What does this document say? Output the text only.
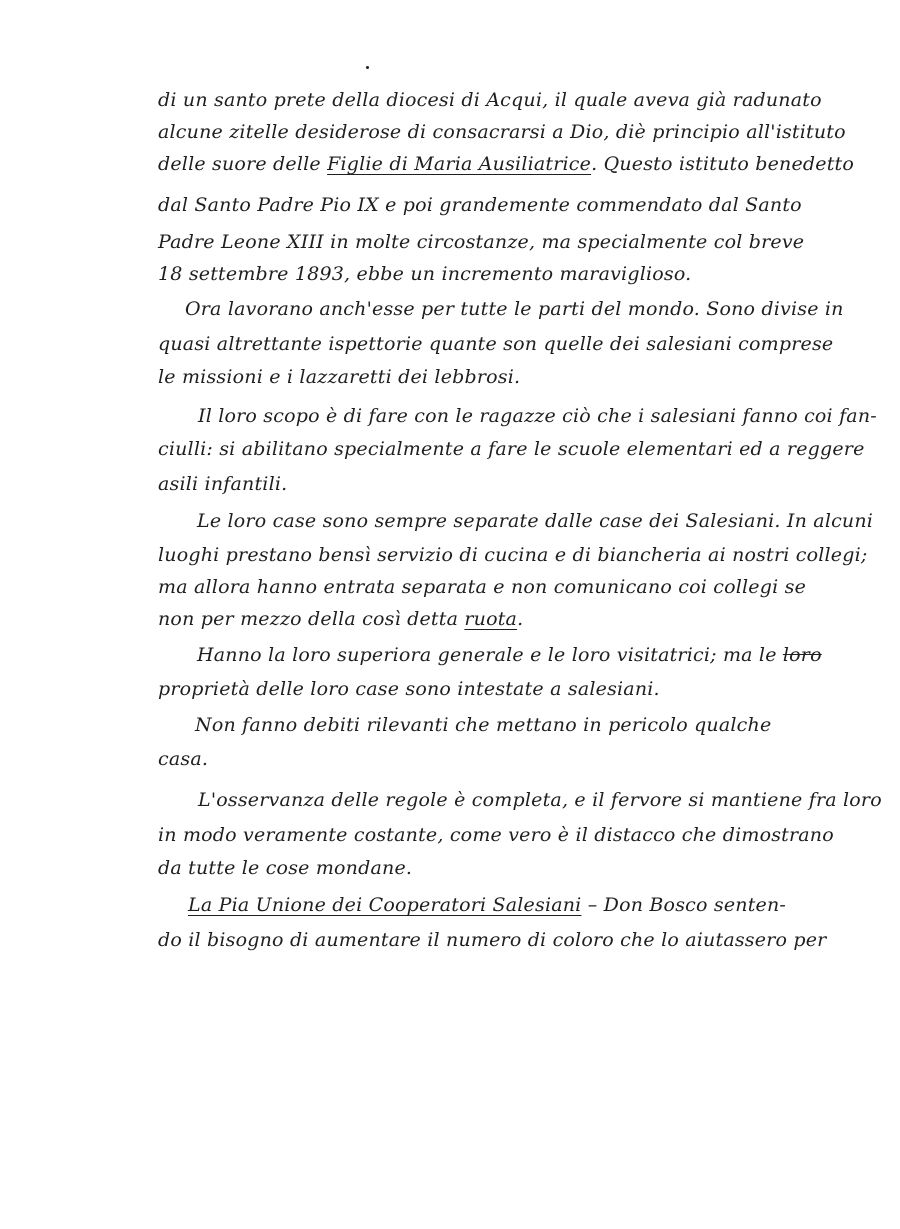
di un santo prete della diocesi di Acqui, il quale aveva già radunato
alcune zitelle desiderose di consacrarsi a Dio, diè principio all'istituto
delle suore delle Figlie di Maria Ausiliatrice. Questo istituto benedetto
dal Santo Padre Pio IX e poi grandemente commendato dal Santo
Padre Leone XIII in molte circostanze, ma specialmente col breve
18 settembre 1893, ebbe un incremento maraviglioso.
Ora lavorano anch'esse per tutte le parti del mondo. Sono divise in
quasi altrettante ispettorie quante son quelle dei salesiani comprese
le missioni e i lazzaretti dei lebbrosi.
Il loro scopo è di fare con le ragazze ciò che i salesiani fanno coi fan-
ciulli: si abilitano specialmente a fare le scuole elementari ed a reggere
asili infantili.
Le loro case sono sempre separate dalle case dei Salesiani. In alcuni
luoghi prestano bensì servizio di cucina e di biancheria ai nostri collegi;
ma allora hanno entrata separata e non comunicano coi collegi se
non per mezzo della così detta ruota.
Hanno la loro superiora generale e le loro visitatrici; ma le loro
proprietà delle loro case sono intestate a salesiani.
Non fanno debiti rilevanti che mettano in pericolo qualche
casa.
L'osservanza delle regole è completa, e il fervore si mantiene fra loro
in modo veramente costante, come vero è il distacco che dimostrano
da tutte le cose mondane.
La Pia Unione dei Cooperatori Salesiani – Don Bosco senten-
do il bisogno di aumentare il numero di coloro che lo aiutassero per
